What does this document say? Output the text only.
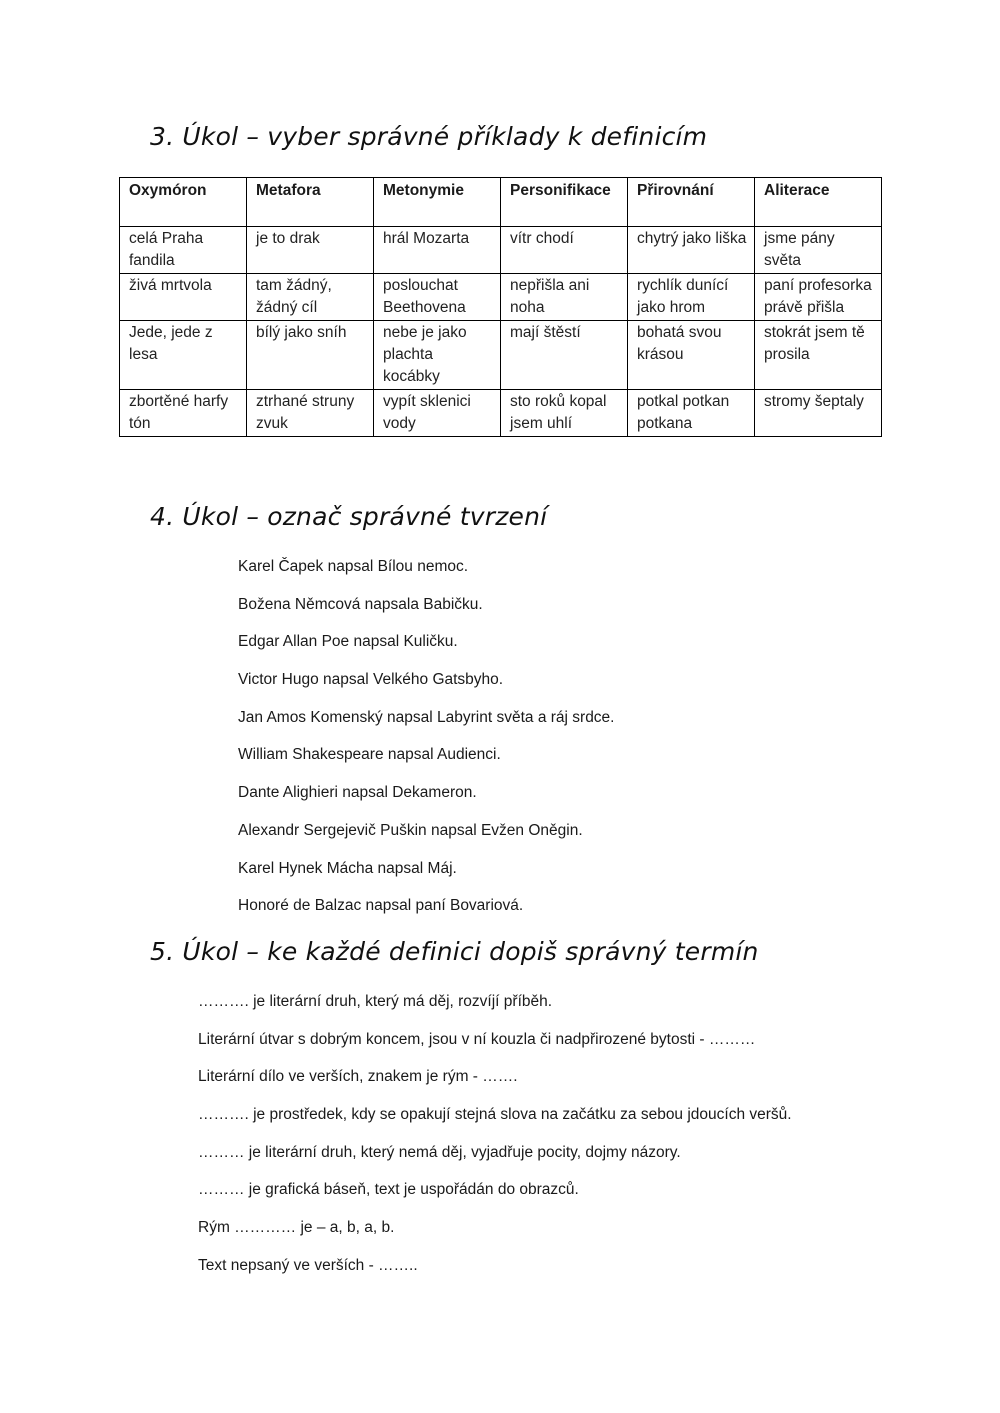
3. Úkol – vyber správné příklady k definicím
Oxymóron	Metafora	Metonymie	Personifikace	Přirovnání	Aliterace
celá Praha fandila	je to drak	hrál Mozarta	vítr chodí	chytrý jako liška	jsme pány světa
živá mrtvola	tam žádný, žádný cíl	poslouchat Beethovena	nepřišla ani noha	rychlík dunící jako hrom	paní profesorka právě přišla
Jede, jede z lesa	bílý jako sníh	nebe je jako plachta kocábky	mají štěstí	bohatá svou krásou	stokrát jsem tě prosila
zbortěné harfy tón	ztrhané struny zvuk	vypít sklenici vody	sto roků kopal jsem uhlí	potkal potkan potkana	stromy šeptaly
4. Úkol – označ správné tvrzení
Karel Čapek napsal Bílou nemoc.
Božena Němcová napsala Babičku.
Edgar Allan Poe napsal Kuličku.
Victor Hugo napsal Velkého Gatsbyho.
Jan Amos Komenský napsal Labyrint světa a ráj srdce.
William Shakespeare napsal Audienci.
Dante Alighieri napsal Dekameron.
Alexandr Sergejevič Puškin napsal Evžen Oněgin.
Karel Hynek Mácha napsal Máj.
Honoré de Balzac napsal paní Bovariová.
5. Úkol – ke každé definici dopiš správný termín
………. je literární druh, který má děj, rozvíjí příběh.
Literární útvar s dobrým koncem, jsou v ní kouzla či nadpřirozené bytosti - ………
Literární dílo ve verších, znakem je rým - …….
………. je prostředek, kdy se opakují stejná slova na začátku za sebou jdoucích veršů.
……… je literární druh, který nemá děj, vyjadřuje pocity, dojmy názory.
……… je grafická báseň, text je uspořádán do obrazců.
Rým ………… je – a, b, a, b.
Text nepsaný ve verších - ……..
